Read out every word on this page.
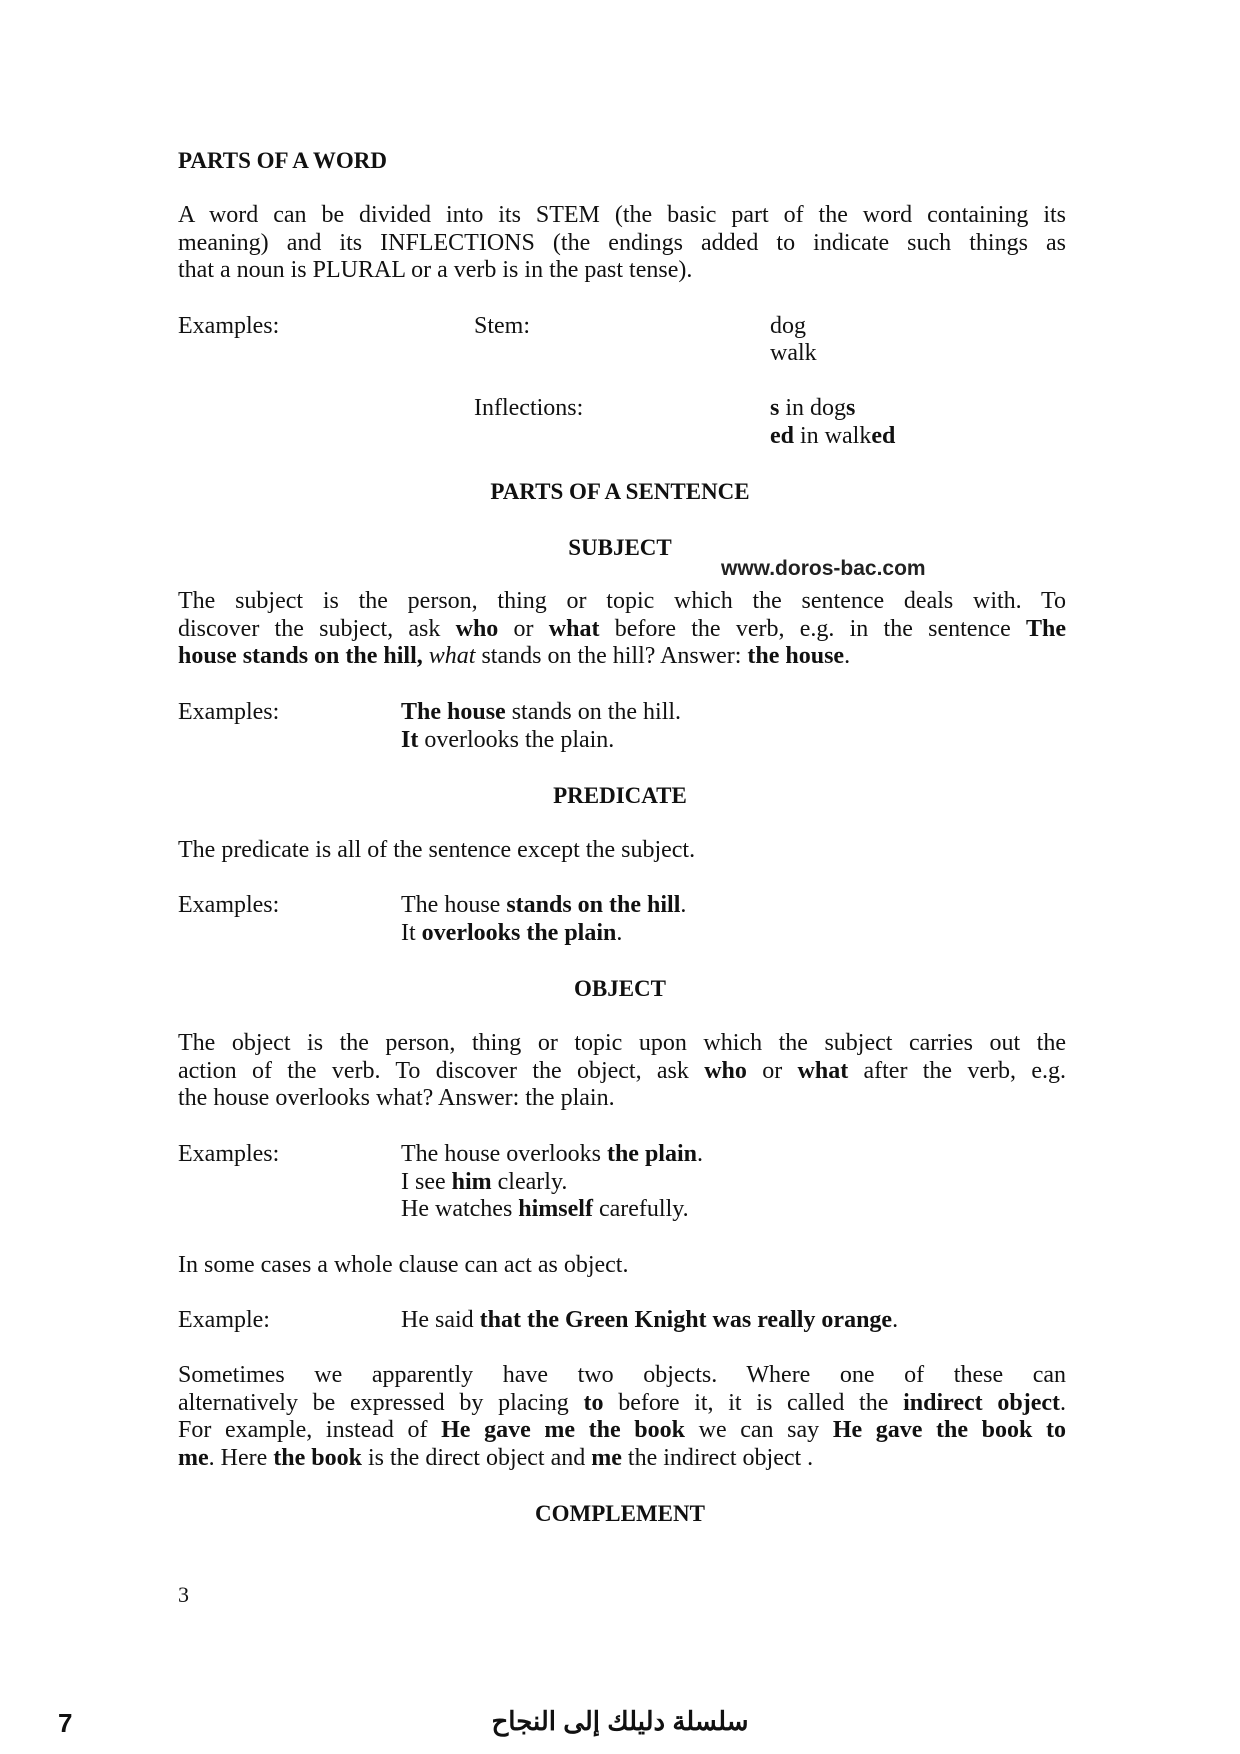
PARTS OF A WORD
A word can be divided into its STEM (the basic part of the word containing its
meaning) and its INFLECTIONS (the endings added to indicate such things as
that a noun is PLURAL or a verb is in the past tense).
Examples:	Stem:	dog
walk
Inflections:	s in dogs
ed in walked
PARTS OF A SENTENCE
SUBJECT
www.doros-bac.com
The subject is the person, thing or topic which the sentence deals with. To
discover the subject, ask who or what before the verb, e.g. in the sentence The
house stands on the hill, what stands on the hill? Answer: the house.
Examples:	The house stands on the hill.
It overlooks the plain.
PREDICATE
The predicate is all of the sentence except the subject.
Examples:	The house stands on the hill.
It overlooks the plain.
OBJECT
The object is the person, thing or topic upon which the subject carries out the
action of the verb. To discover the object, ask who or what after the verb, e.g.
the house overlooks what? Answer: the plain.
Examples:	The house overlooks the plain.
I see him clearly.
He watches himself carefully.
In some cases a whole clause can act as object.
Example:	He said that the Green Knight was really orange.
Sometimes we apparently have two objects. Where one of these can
alternatively be expressed by placing to before it, it is called the indirect object.
For example, instead of He gave me the book we can say He gave the book to
me. Here the book is the direct object and me the indirect object .
COMPLEMENT
3
7	سلسلة دليلك إلى النجاح
